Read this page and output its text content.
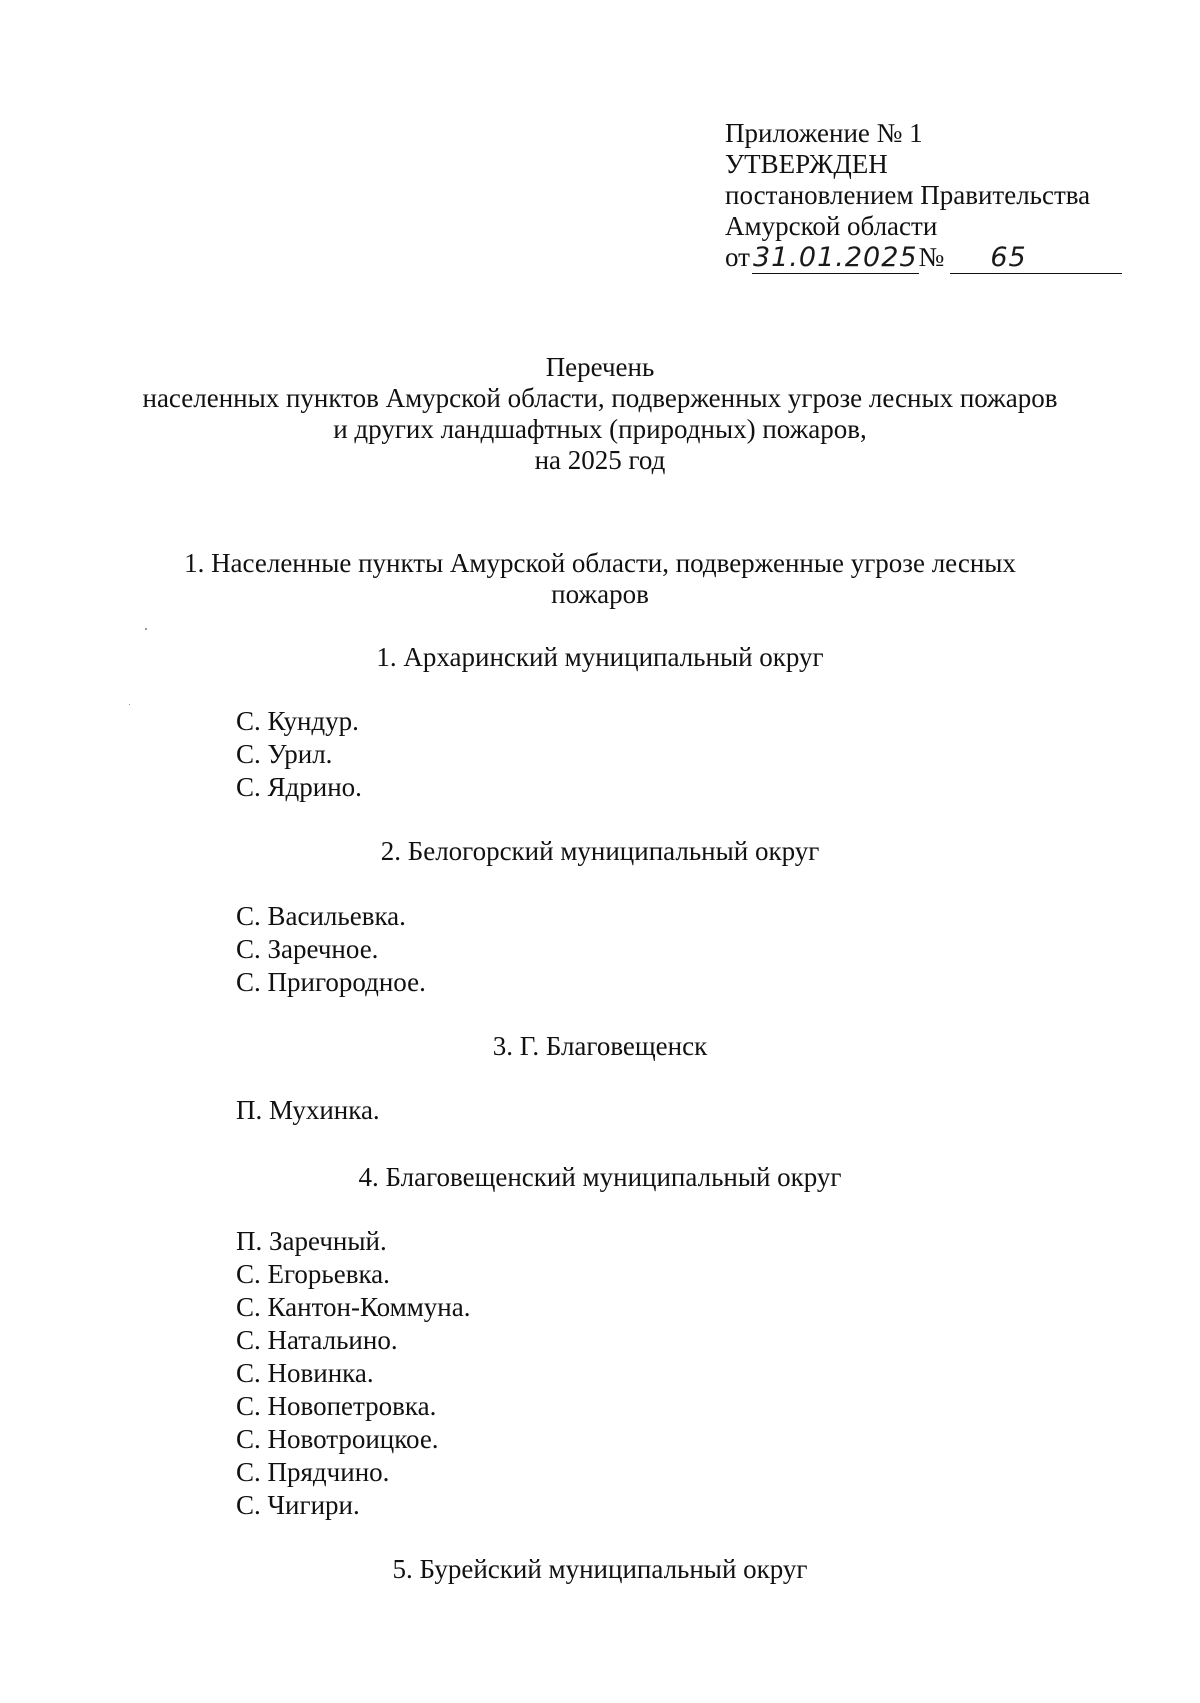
Приложение № 1
УТВЕРЖДЕН
постановлением Правительства
Амурской области
от 31.01.2025№ 65
Перечень
населенных пунктов Амурской области, подверженных угрозе лесных пожаров
и других ландшафтных (природных) пожаров,
на 2025 год
1. Населенные пункты Амурской области, подверженные угрозе лесных
пожаров
1. Архаринский муниципальный округ
С. Кундур.
С. Урил.
С. Ядрино.
2. Белогорский муниципальный округ
С. Васильевка.
С. Заречное.
С. Пригородное.
3. Г. Благовещенск
П. Мухинка.
4. Благовещенский муниципальный округ
П. Заречный.
С. Егорьевка.
С. Кантон-Коммуна.
С. Натальино.
С. Новинка.
С. Новопетровка.
С. Новотроицкое.
С. Прядчино.
С. Чигири.
5. Бурейский муниципальный округ
